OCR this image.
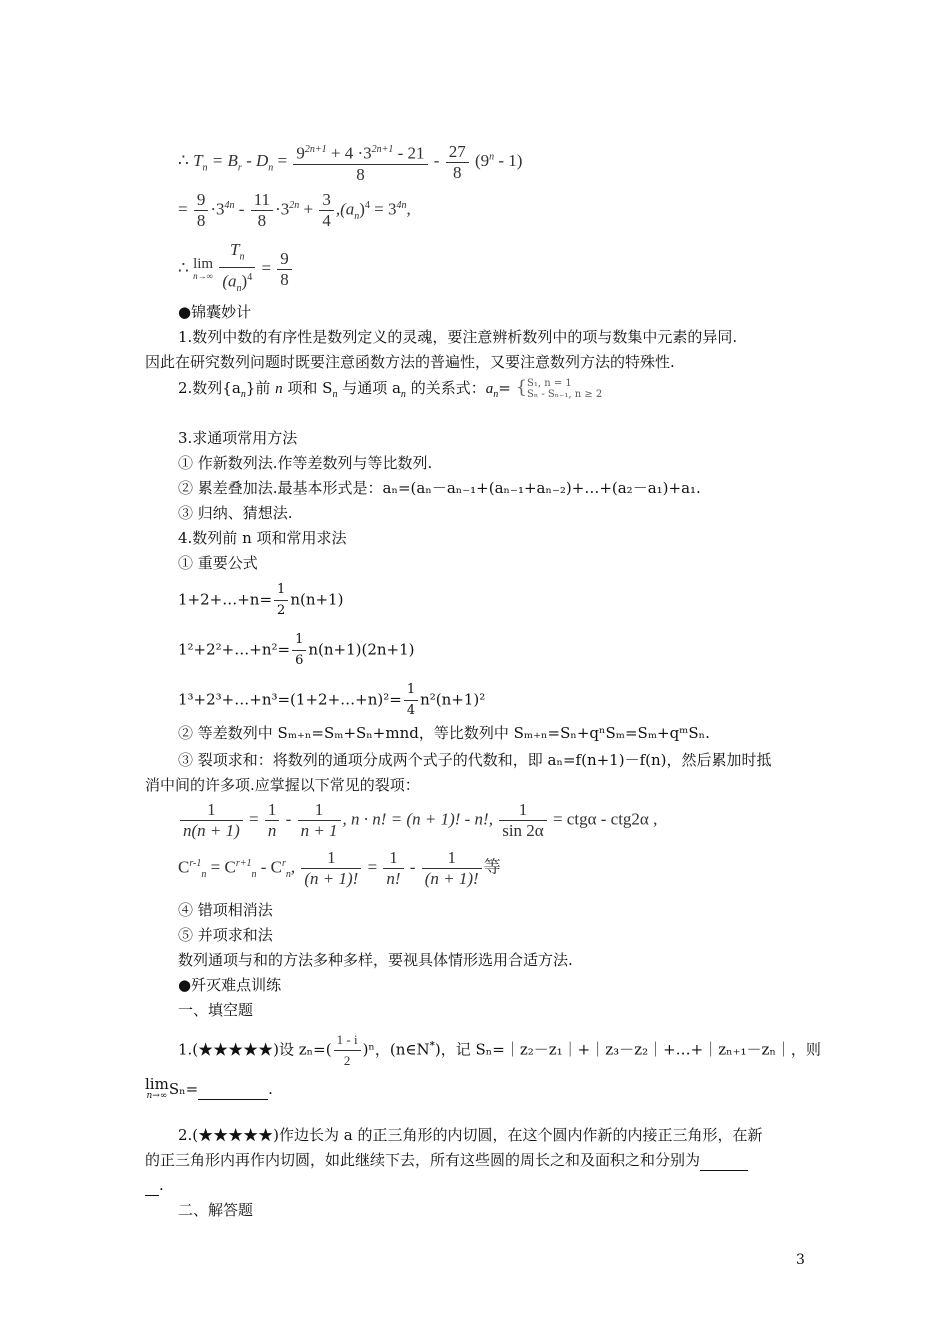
∴ $T_n = B_r - D_n = \frac{9^{2n+1} + 4 \cdot 3^{2n+1} - 21}{8} - \frac{27}{8} (9^n - 1)$
= $\frac{9}{8} \cdot 3^{4n} - \frac{11}{8} \cdot 3^{2n} + \frac{3}{4} ,(a_n)^4 = 3^{4n}$,
∴ lim
n→∞
$\frac{T_n}{(a_n)^4} = \frac{9}{8}$
●锦囊妙计
1.数列中数的有序性是数列定义的灵魂，要注意辨析数列中的项与数集中元素的异同.
因此在研究数列问题时既要注意函数方法的普遍性，又要注意数列方法的特殊性.
2.数列$\{a_n\}$前 n 项和 $S_n$ 与通项 $a_n$ 的关系式：$a_n=$ { S₁, n = 1
Sₙ - Sₙ₋₁, n ≥ 2
3.求通项常用方法
① 作新数列法.作等差数列与等比数列.
② 累差叠加法.最基本形式是：aₙ=(aₙ－aₙ₋₁+(aₙ₋₁+aₙ₋₂)+…+(a₂－a₁)+a₁.
③ 归纳、猜想法.
4.数列前 n 项和常用求法
① 重要公式
1+2+…+n= $\frac{1}{2} n(n+1)$
1²+2²+…+n²= $\frac{1}{6} n(n+1)(2n+1)$
1³+2³+…+n³=(1+2+…+n)²= $\frac{1}{4} n^2(n+1)^2$
② 等差数列中 Sₘ₊ₙ=Sₘ+Sₙ+mnd，等比数列中 Sₘ₊ₙ=Sₙ+qⁿSₘ=Sₘ+qᵐSₙ.
③ 裂项求和：将数列的通项分成两个式子的代数和，即 aₙ=f(n+1)－f(n)，然后累加时抵
消中间的许多项.应掌握以下常见的裂项：
$\frac{1}{n(n + 1)} = \frac{1}{n} - \frac{1}{n + 1}$ , n · n! = (n + 1)! - n!, $\frac{1}{\sin 2\alpha} = ctg\alpha - ctg2\alpha$ ,
$C^{r-1}_n = C^{r+1}_n - C^r_n$, $\frac{1}{(n + 1)!} = \frac{1}{n!} - \frac{1}{(n + 1)!}$ 等
④ 错项相消法
⑤ 并项求和法
数列通项与和的方法多种多样，要视具体情形选用合适方法.
●歼灭难点训练
一、填空题
1.(★★★★★)设 $z_n=( \frac{1 - i}{2} )^n$，(n∈N*)，记 Sₙ=｜z₂－z₁｜+｜z₃－z₂｜+…+｜zₙ₊₁－zₙ｜，则
lim
n→∞ Sₙ=	.
2.(★★★★★)作边长为 a 的正三角形的内切圆，在这个圆内作新的内接正三角形，在新
的正三角形内再作内切圆，如此继续下去，所有这些圆的周长之和及面积之和分别为
.
二、解答题
3
